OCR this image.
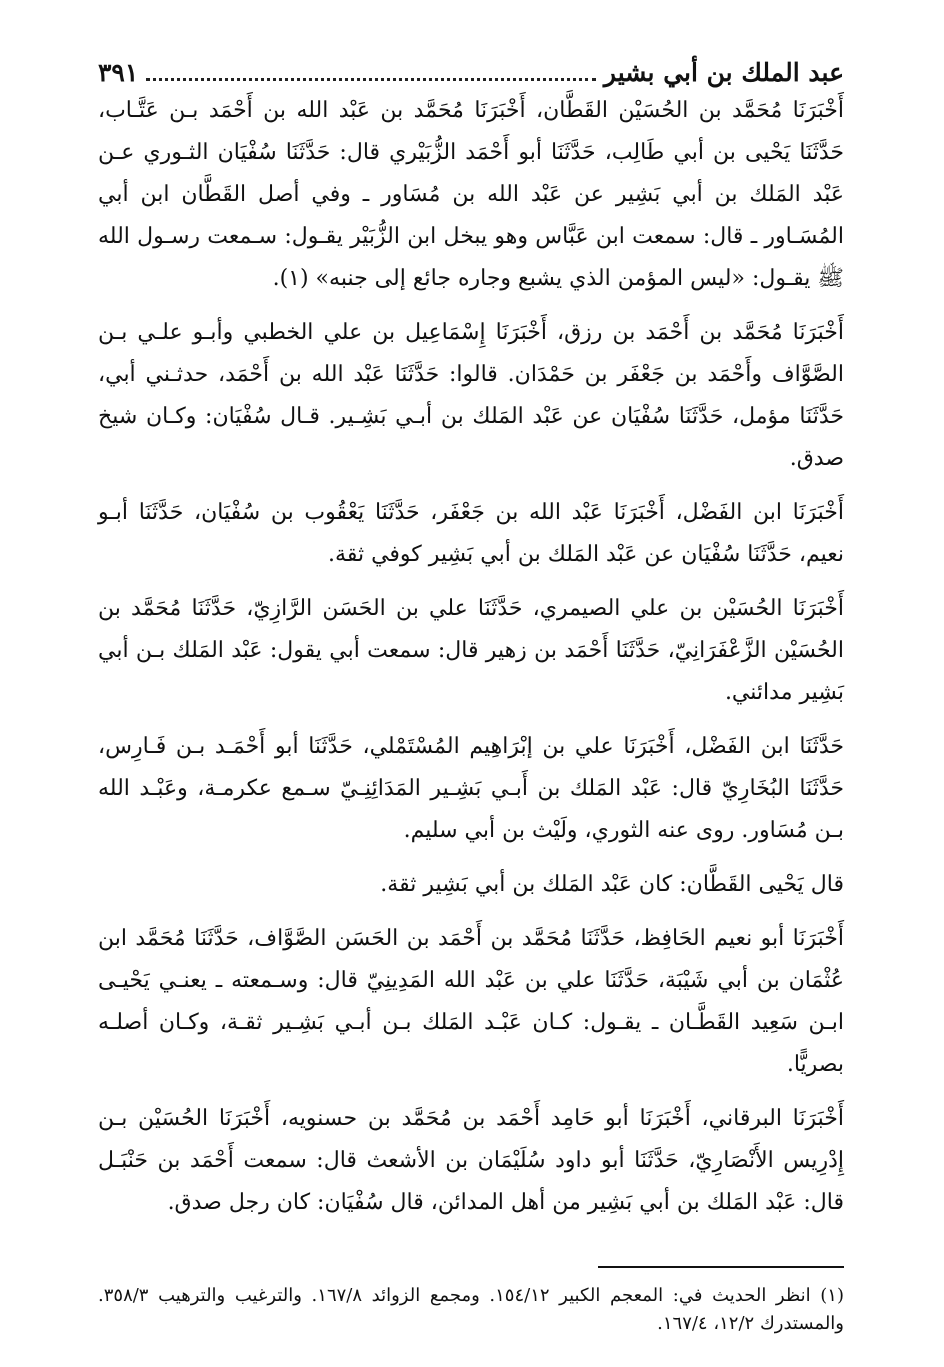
عبد الملك بن أبي بشير
٣٩١

أَخْبَرَنَا مُحَمَّد بن الحُسَيْن القَطَّان، أَخْبَرَنَا مُحَمَّد بن عَبْد الله بن أَحْمَد بـن عَتَّـاب، حَدَّثَنَا يَحْيى بن أبي طَالِب، حَدَّثَنَا أبو أَحْمَد الزُّبَيْري قال: حَدَّثَنَا سُفْيَان الثـوري عـن عَبْد المَلك بن أبي بَشِير عن عَبْد الله بن مُسَاور ـ وفي أصل القَطَّان ابن أبي المُسَـاور ـ قال: سمعت ابن عَبَّاس وهو يبخل ابن الزُّبَيْر يقـول: سـمعت رسـول الله ﷺ يقـول: «ليس المؤمن الذي يشبع وجاره جائع إلى جنبه» (١).

أَخْبَرَنَا مُحَمَّد بن أَحْمَد بن رزق، أَخْبَرَنَا إِسْمَاعِيل بن علي الخطبي وأبـو علـي بـن الصَّوَّاف وأَحْمَد بن جَعْفَر بن حَمْدَان. قالوا: حَدَّثَنَا عَبْد الله بن أَحْمَد، حدثـني أبي، حَدَّثَنَا مؤمل، حَدَّثَنَا سُفْيَان عن عَبْد المَلك بن أبـي بَشِـير. قـال سُفْيَان: وكـان شيخ صدق.

أَخْبَرَنَا ابن الفَضْل، أَخْبَرَنَا عَبْد الله بن جَعْفَر، حَدَّثَنَا يَعْقُوب بن سُفْيَان، حَدَّثَنَا أبـو نعيم، حَدَّثَنَا سُفْيَان عن عَبْد المَلك بن أبي بَشِير كوفي ثقة.

أَخْبَرَنَا الحُسَيْن بن علي الصيمري، حَدَّثَنَا علي بن الحَسَن الرَّازِيّ، حَدَّثَنَا مُحَمَّد بن الحُسَيْن الزَّعْفَرَانِيّ، حَدَّثَنَا أَحْمَد بن زهير قال: سمعت أبي يقول: عَبْد المَلك بـن أبي بَشِير مدائني.

حَدَّثَنَا ابن الفَضْل، أَخْبَرَنَا علي بن إبْرَاهِيم المُسْتَمْلي، حَدَّثَنَا أبو أَحْمَـد بـن فَـارِس، حَدَّثَنَا البُخَارِيّ قال: عَبْد المَلك بن أَبـي بَشِـير المَدَائِنِـيّ سـمع عكرمـة، وعَبْـد الله بـن مُسَاور. روى عنه الثوري، ولَيْث بن أبي سليم.

قال يَحْيى القَطَّان: كان عَبْد المَلك بن أبي بَشِير ثقة.

أَخْبَرَنَا أبو نعيم الحَافِظ، حَدَّثَنَا مُحَمَّد بن أَحْمَد بن الحَسَن الصَّوَّاف، حَدَّثَنَا مُحَمَّد ابن عُثْمَان بن أبي شَيْبَة، حَدَّثَنَا علي بن عَبْد الله المَدِينِيّ قال: وسـمعته ـ يعنـي يَحْيـى ابـن سَعِيد القَطَّـان ـ يقـول: كـان عَبْـد المَلك بـن أبـي بَشِـير ثقـة، وكـان أصلـه بصريًّا.

أَخْبَرَنَا البرقاني، أَخْبَرَنَا أبو حَامِد أَحْمَد بن مُحَمَّد بن حسنويه، أَخْبَرَنَا الحُسَيْن بـن إِدْرِيس الأَنْصَارِيّ، حَدَّثَنَا أبو داود سُلَيْمَان بن الأشعث قال: سمعت أَحْمَد بن حَنْبَـل قال: عَبْد المَلك بن أبي بَشِير من أهل المدائن، قال سُفْيَان: كان رجل صدق.

(١) انظر الحديث في: المعجم الكبير ١٥٤/١٢. ومجمع الزوائد ١٦٧/٨. والترغيب والترهيب ٣٥٨/٣. والمستدرك ١٢/٢، ١٦٧/٤.
